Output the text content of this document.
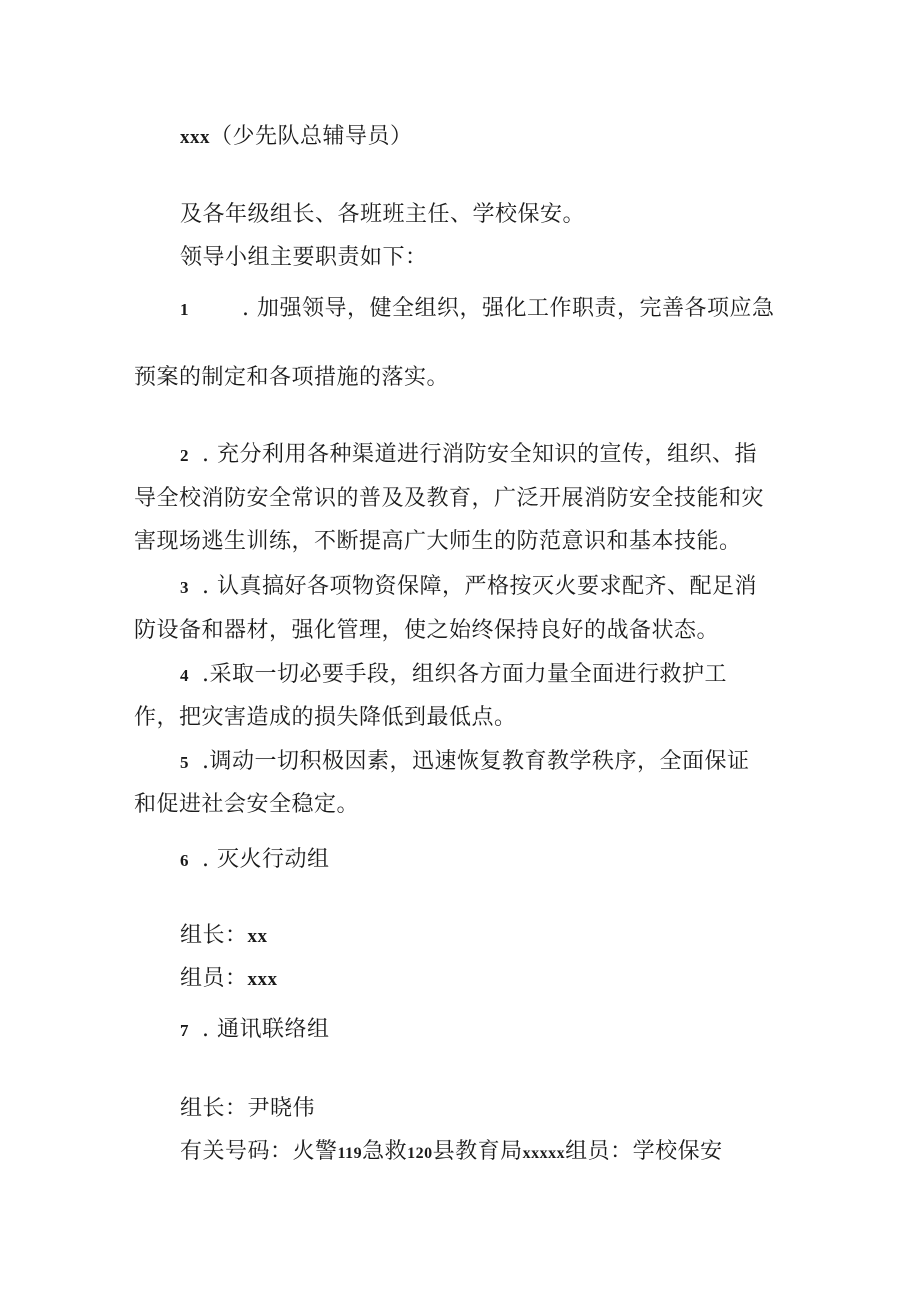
xxx（少先队总辅导员）
及各年级组长、各班班主任、学校保安。
领导小组主要职责如下：
1 . 加强领导，健全组织，强化工作职责，完善各项应急
预案的制定和各项措施的落实。
2 . 充分利用各种渠道进行消防安全知识的宣传，组织、指
导全校消防安全常识的普及及教育，广泛开展消防安全技能和灾
害现场逃生训练，不断提高广大师生的防范意识和基本技能。
3 . 认真搞好各项物资保障，严格按灭火要求配齐、配足消
防设备和器材，强化管理，使之始终保持良好的战备状态。
4 .采取一切必要手段，组织各方面力量全面进行救护工
作，把灾害造成的损失降低到最低点。
5 .调动一切积极因素，迅速恢复教育教学秩序，全面保证
和促进社会安全稳定。
6 . 灭火行动组
组长：xx
组员：xxx
7 . 通讯联络组
组长：尹晓伟
有关号码：火警119急救120县教育局xxxxx组员：学校保安
